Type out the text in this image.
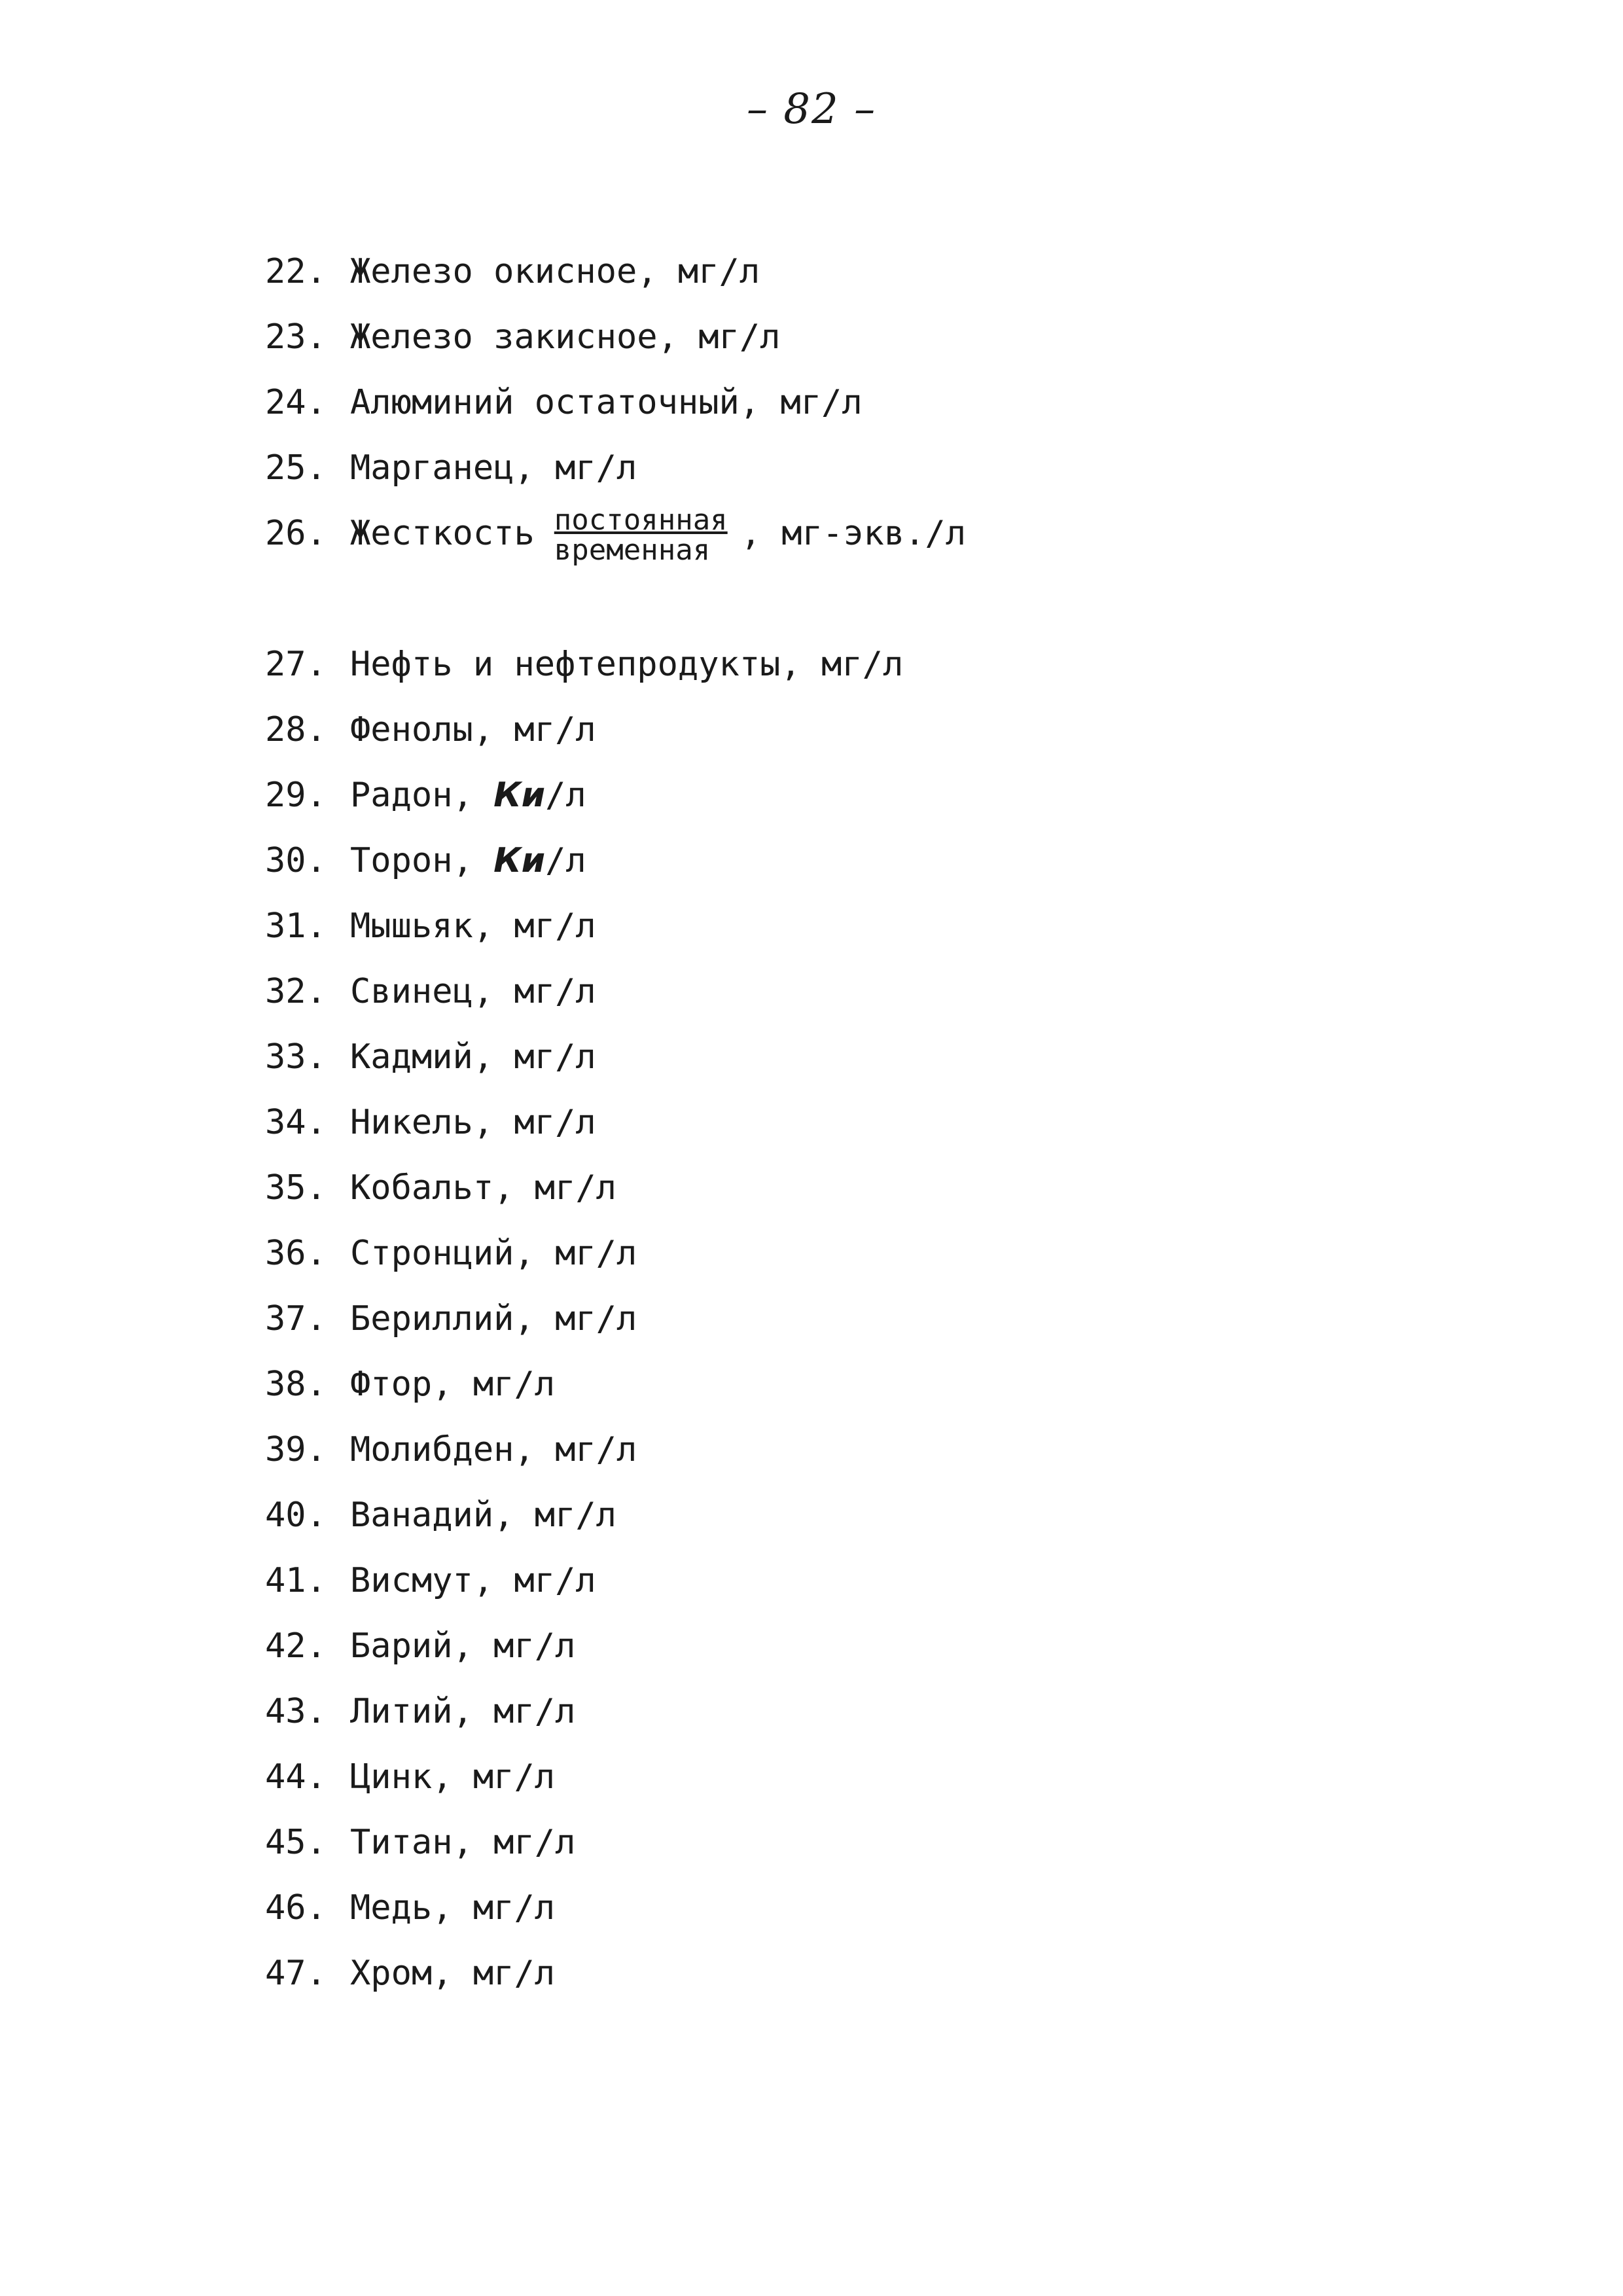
– 82 –
22. Железо окисное, мг/л
23. Железо закисное, мг/л
24. Алюминий остаточный, мг/л
25. Марганец, мг/л
26. Жесткость $\frac{\text{постоянная}}{\text{временная}}$ , мг-экв./л
27. Нефть и нефтепродукты, мг/л
28. Фенолы, мг/л
29. Радон, Ки/л
30. Торон, Ки/л
31. Мышьяк, мг/л
32. Свинец, мг/л
33. Кадмий, мг/л
34. Никель, мг/л
35. Кобальт, мг/л
36. Стронций, мг/л
37. Бериллий, мг/л
38. Фтор, мг/л
39. Молибден, мг/л
40. Ванадий, мг/л
41. Висмут, мг/л
42. Барий, мг/л
43. Литий, мг/л
44. Цинк, мг/л
45. Титан, мг/л
46. Медь, мг/л
47. Хром, мг/л
